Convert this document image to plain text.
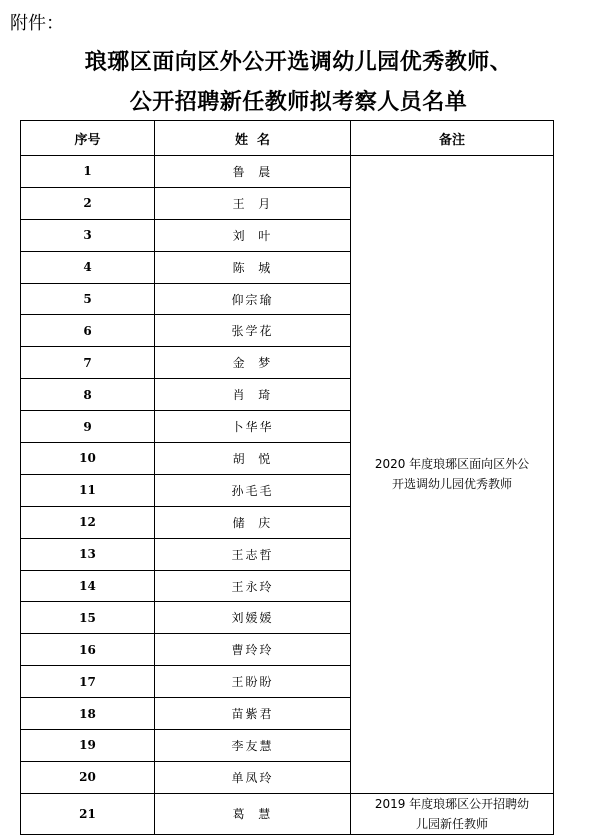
附件：
琅琊区面向区外公开选调幼儿园优秀教师、
公开招聘新任教师拟考察人员名单
序号	姓  名	备注
1	鲁  晨	2020 年度琅琊区面向区外公开选调幼儿园优秀教师
2	王  月	
3	刘  叶	
4	陈  城	
5	仰宗瑜	
6	张学花	
7	金  梦	
8	肖  琦	
9	卜华华	
10	胡  悦	
11	孙毛毛	
12	储  庆	
13	王志哲	
14	王永玲	
15	刘媛媛	
16	曹玲玲	
17	王盼盼	
18	苗紫君	
19	李友慧	
20	单凤玲	
21	葛  慧	2019 年度琅琊区公开招聘幼儿园新任教师
